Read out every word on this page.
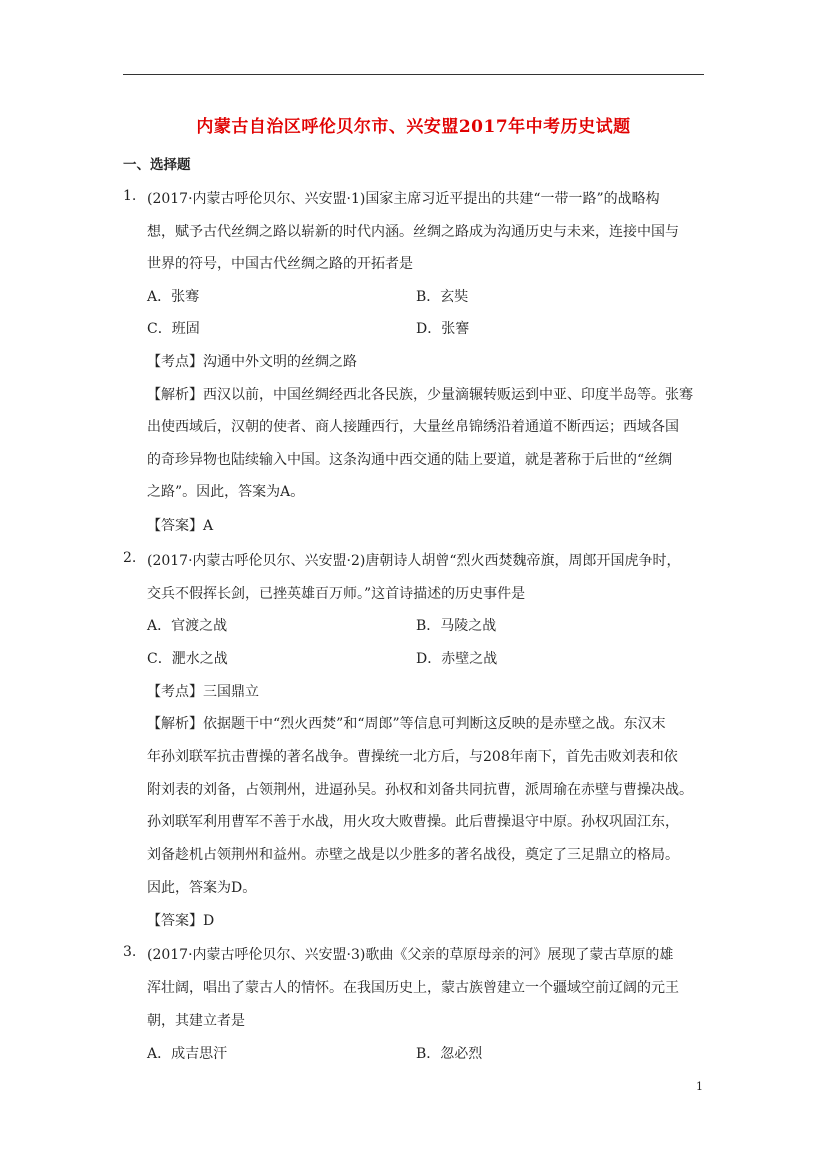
内蒙古自治区呼伦贝尔市、兴安盟2017年中考历史试题
一、选择题
1. (2017·内蒙古呼伦贝尔、兴安盟·1)国家主席习近平提出的共建“一带一路”的战略构
想，赋予古代丝绸之路以崭新的时代内涵。丝绸之路成为沟通历史与未来，连接中国与
世界的符号，中国古代丝绸之路的开拓者是
A．张骞	B．玄奘
C．班固	D．张謇
【考点】沟通中外文明的丝绸之路
【解析】西汉以前，中国丝绸经西北各民族，少量滴辗转贩运到中亚、印度半岛等。张骞
出使西域后，汉朝的使者、商人接踵西行，大量丝帛锦绣沿着通道不断西运；西域各国
的奇珍异物也陆续输入中国。这条沟通中西交通的陆上要道，就是著称于后世的“丝绸
之路”。因此，答案为A。
【答案】A
2. (2017·内蒙古呼伦贝尔、兴安盟·2)唐朝诗人胡曾“烈火西焚魏帝旗，周郎开国虎争时，
交兵不假挥长剑，已挫英雄百万师。”这首诗描述的历史事件是
A．官渡之战	B．马陵之战
C．淝水之战	D．赤壁之战
【考点】三国鼎立
【解析】依据题干中“烈火西焚”和“周郎”等信息可判断这反映的是赤壁之战。东汉末
年孙刘联军抗击曹操的著名战争。曹操统一北方后，与208年南下，首先击败刘表和依
附刘表的刘备，占领荆州，进逼孙吴。孙权和刘备共同抗曹，派周瑜在赤壁与曹操决战。
孙刘联军利用曹军不善于水战，用火攻大败曹操。此后曹操退守中原。孙权巩固江东，
刘备趁机占领荆州和益州。赤壁之战是以少胜多的著名战役，奠定了三足鼎立的格局。
因此，答案为D。
【答案】D
3. (2017·内蒙古呼伦贝尔、兴安盟·3)歌曲《父亲的草原母亲的河》展现了蒙古草原的雄
浑壮阔，唱出了蒙古人的情怀。在我国历史上，蒙古族曾建立一个疆域空前辽阔的元王
朝，其建立者是
A．成吉思汗	B．忽必烈
1
